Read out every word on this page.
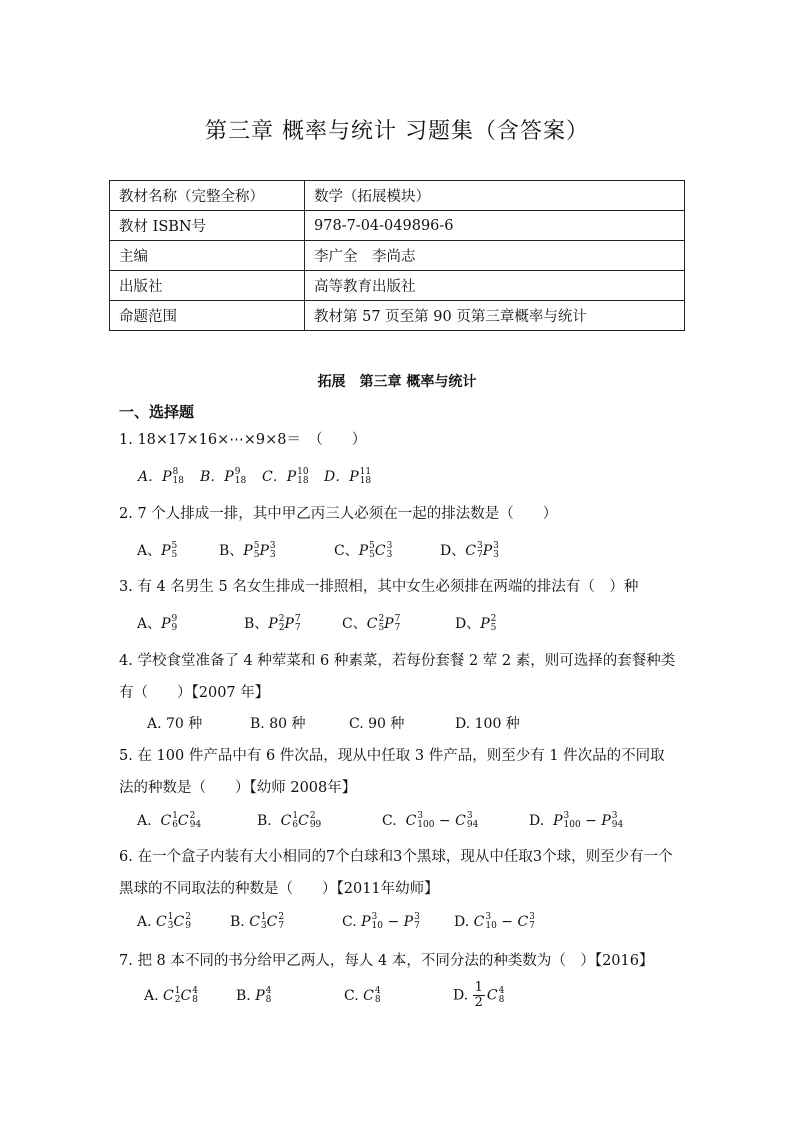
第三章 概率与统计 习题集（含答案）
教材名称（完整全称）	数学（拓展模块）
教材 ISBN号	978-7-04-049896-6
主编	李广全　李尚志
出版社	高等教育出版社
命题范围	教材第 57 页至第 90 页第三章概率与统计
拓展　第三章 概率与统计
一、选择题
1. 18×17×16×⋯×9×8＝　（　　）
A．P 8
18 B．P 9
18 C．P 10
18 D．P 11
18
2. 7 个人排成一排，其中甲乙丙三人必须在一起的排法数是（　　）
A、P 5
5	B、P 5
5 P 3
3	C、P 5
5 C 3
3	D、C 3
7 P 3
3
3. 有 4 名男生 5 名女生排成一排照相，其中女生必须排在两端的排法有（　）种
A、P 9
9	B、P 2
2 P 7
7	C、C 2
5 P 7
7	D、P 2
5
4. 学校食堂准备了 4 种荤菜和 6 种素菜，若每份套餐 2 荤 2 素，则可选择的套餐种类有（　　）【2007 年】
A. 70 种	B. 80 种	C. 90 种	D. 100 种
5. 在 100 件产品中有 6 件次品，现从中任取 3 件产品，则至少有 1 件次品的不同取法的种数是（　　）【幼师 2008年】
A. C 1
6 C 2
94	B. C 1
6 C 2
99	C. C 3
100 − C 3
94	D. P 3
100 − P 3
94
6. 在一个盒子内装有大小相同的7个白球和3个黑球，现从中任取3个球，则至少有一个黑球的不同取法的种数是（　　）【2011年幼师】
A. C 1
3 C 2
9	B. C 1
3 C 2
7	C. P 3
10 − P 3
7 D. C 3
10 − C 3
7
7. 把 8 本不同的书分给甲乙两人，每人 4 本，不同分法的种类数为（　）【2016】
A. C 1
2 C 4
8	B. P 4
8	C. C 4
8	D. $\frac{1}{2}$ C 4
8
